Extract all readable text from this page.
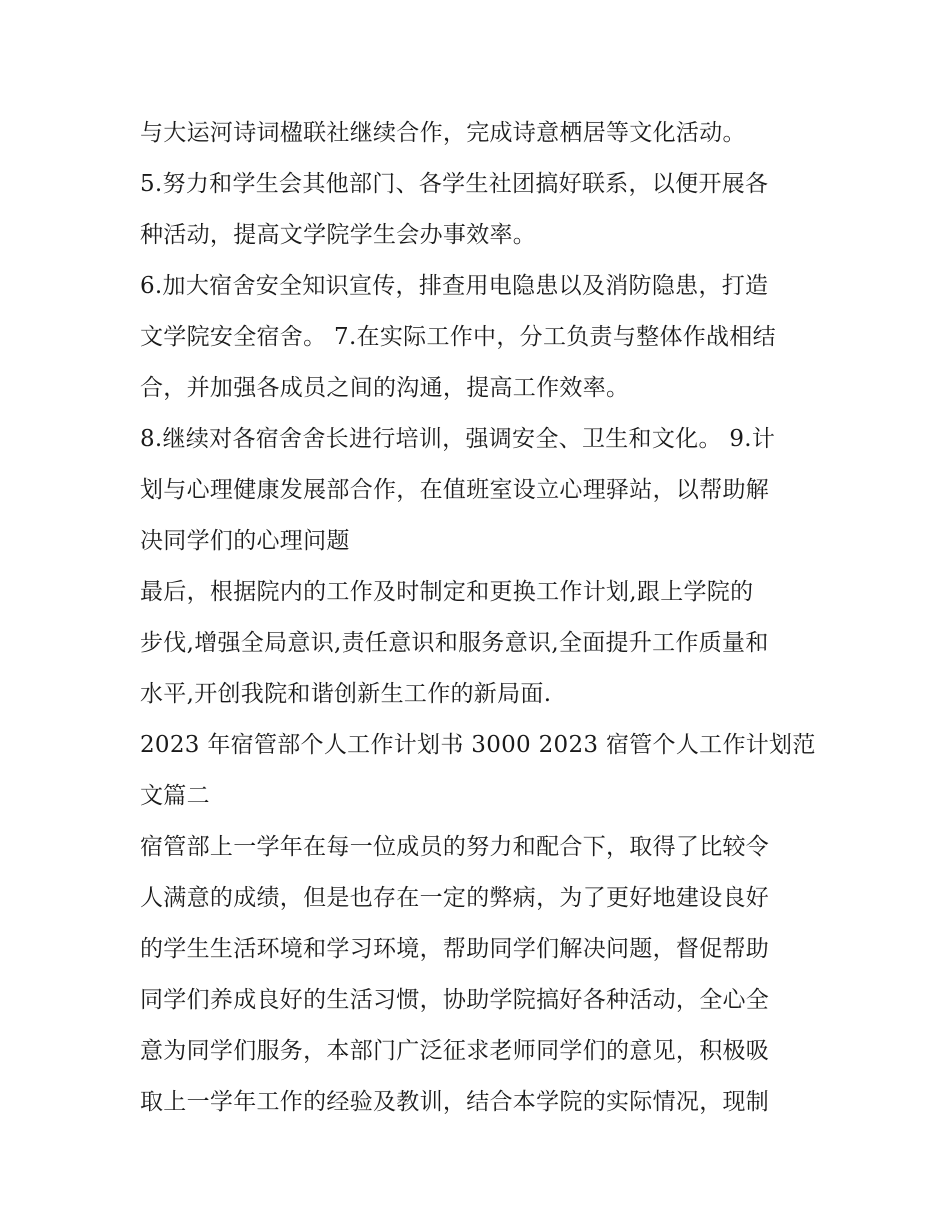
与大运河诗词楹联社继续合作，完成诗意栖居等文化活动。
5.努力和学生会其他部门、各学生社团搞好联系，以便开展各
种活动，提高文学院学生会办事效率。
6.加大宿舍安全知识宣传，排查用电隐患以及消防隐患，打造
文学院安全宿舍。 7.在实际工作中，分工负责与整体作战相结
合，并加强各成员之间的沟通，提高工作效率。
8.继续对各宿舍舍长进行培训，强调安全、卫生和文化。 9.计
划与心理健康发展部合作，在值班室设立心理驿站，以帮助解
决同学们的心理问题
最后，根据院内的工作及时制定和更换工作计划,跟上学院的
步伐,增强全局意识,责任意识和服务意识,全面提升工作质量和
水平,开创我院和谐创新生工作的新局面.
2023 年宿管部个人工作计划书 3000 2023 宿管个人工作计划范
文篇二
宿管部上一学年在每一位成员的努力和配合下，取得了比较令
人满意的成绩，但是也存在一定的弊病，为了更好地建设良好
的学生生活环境和学习环境，帮助同学们解决问题，督促帮助
同学们养成良好的生活习惯，协助学院搞好各种活动，全心全
意为同学们服务，本部门广泛征求老师同学们的意见，积极吸
取上一学年工作的经验及教训，结合本学院的实际情况，现制
